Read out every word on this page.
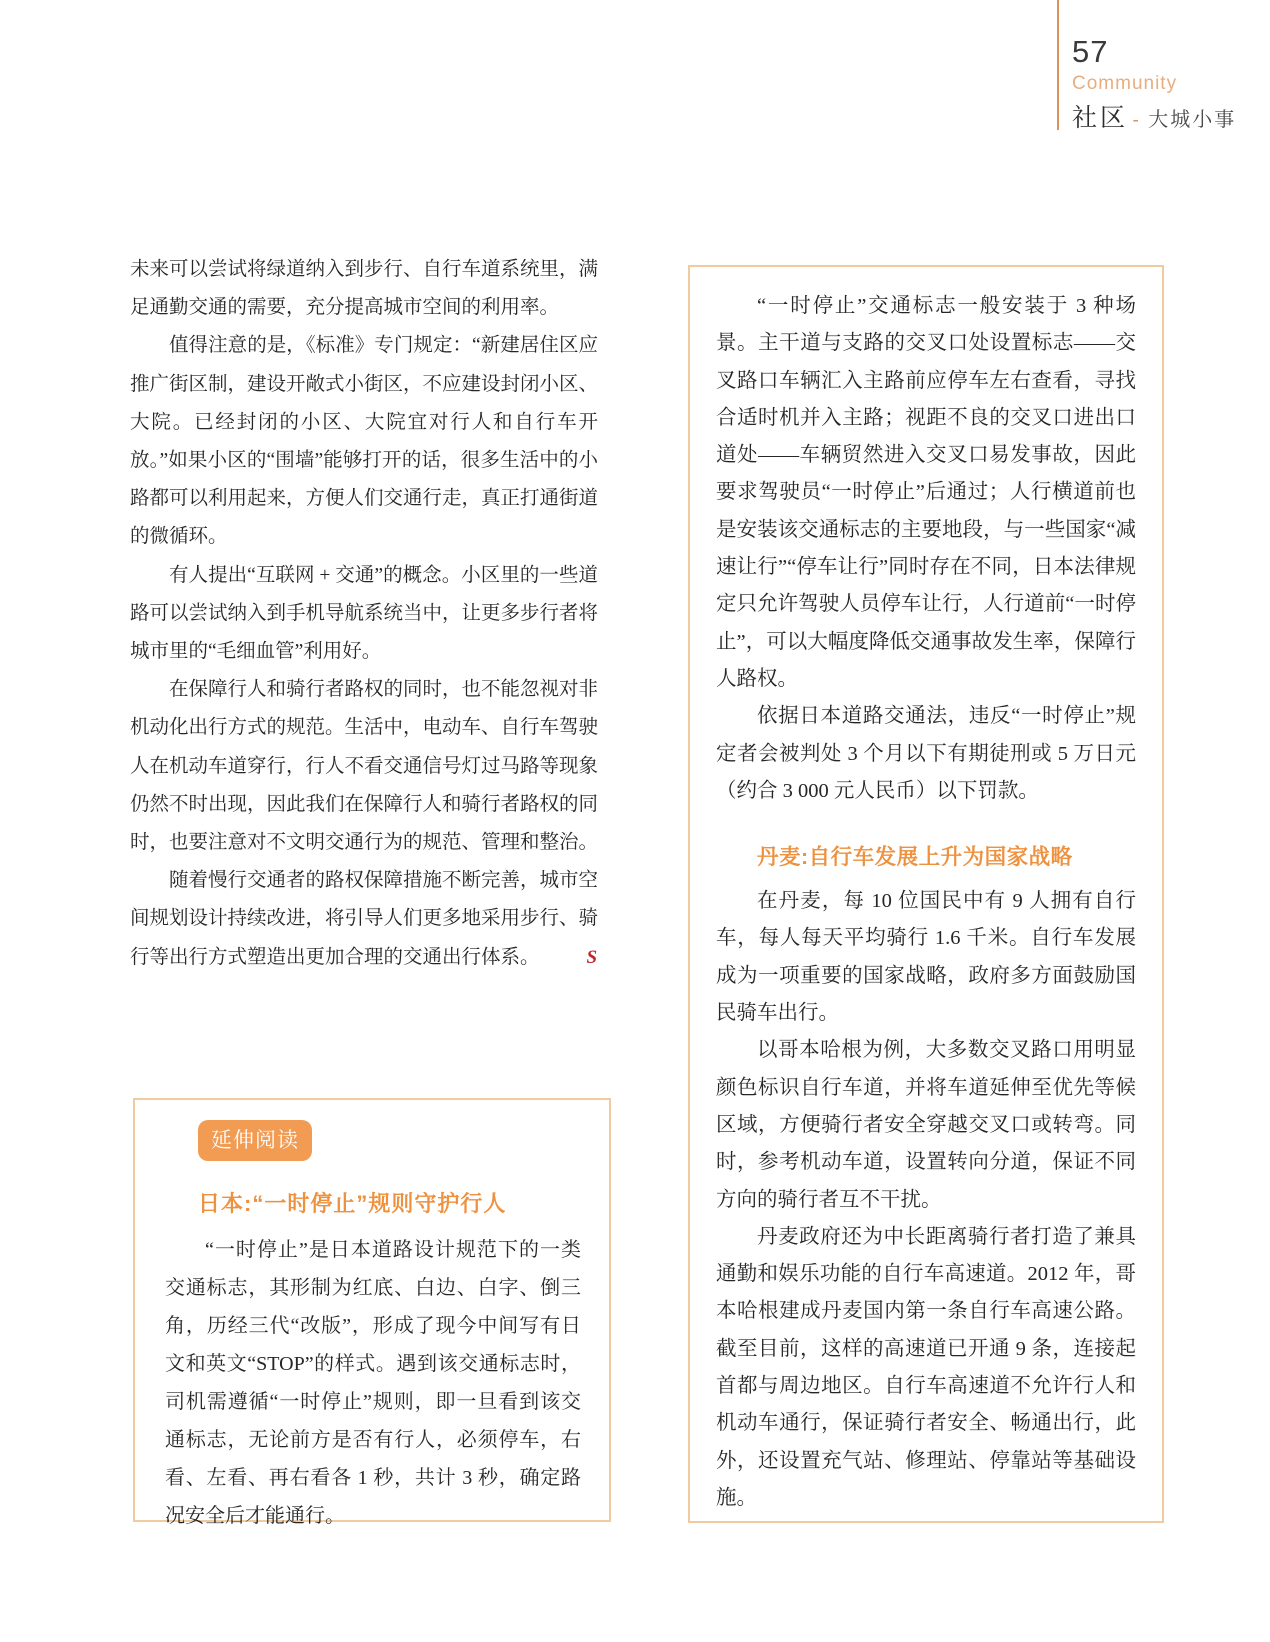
57
Community
社区 - 大城小事

未来可以尝试将绿道纳入到步行、自行车道系统里，满足通勤交通的需要，充分提高城市空间的利用率。

值得注意的是，《标准》专门规定：“新建居住区应推广街区制，建设开敞式小街区，不应建设封闭小区、大院。已经封闭的小区、大院宜对行人和自行车开放。”如果小区的“围墙”能够打开的话，很多生活中的小路都可以利用起来，方便人们交通行走，真正打通街道的微循环。

有人提出“互联网 + 交通”的概念。小区里的一些道路可以尝试纳入到手机导航系统当中，让更多步行者将城市里的“毛细血管”利用好。

在保障行人和骑行者路权的同时，也不能忽视对非机动化出行方式的规范。生活中，电动车、自行车驾驶人在机动车道穿行，行人不看交通信号灯过马路等现象仍然不时出现，因此我们在保障行人和骑行者路权的同时，也要注意对不文明交通行为的规范、管理和整治。

随着慢行交通者的路权保障措施不断完善，城市空间规划设计持续改进，将引导人们更多地采用步行、骑行等出行方式塑造出更加合理的交通出行体系。 S

延伸阅读
日本:“一时停止”规则守护行人

“一时停止”是日本道路设计规范下的一类交通标志，其形制为红底、白边、白字、倒三角，历经三代“改版”，形成了现今中间写有日文和英文“STOP”的样式。遇到该交通标志时，司机需遵循“一时停止”规则，即一旦看到该交通标志，无论前方是否有行人，必须停车，右看、左看、再右看各 1 秒，共计 3 秒，确定路况安全后才能通行。

“一时停止”交通标志一般安装于 3 种场景。主干道与支路的交叉口处设置标志——交叉路口车辆汇入主路前应停车左右查看，寻找合适时机并入主路；视距不良的交叉口进出口道处——车辆贸然进入交叉口易发事故，因此要求驾驶员“一时停止”后通过；人行横道前也是安装该交通标志的主要地段，与一些国家“减速让行”“停车让行”同时存在不同，日本法律规定只允许驾驶人员停车让行，人行道前“一时停止”，可以大幅度降低交通事故发生率，保障行人路权。

依据日本道路交通法，违反“一时停止”规定者会被判处 3 个月以下有期徒刑或 5 万日元（约合 3 000 元人民币）以下罚款。

丹麦:自行车发展上升为国家战略

在丹麦，每 10 位国民中有 9 人拥有自行车，每人每天平均骑行 1.6 千米。自行车发展成为一项重要的国家战略，政府多方面鼓励国民骑车出行。

以哥本哈根为例，大多数交叉路口用明显颜色标识自行车道，并将车道延伸至优先等候区域，方便骑行者安全穿越交叉口或转弯。同时，参考机动车道，设置转向分道，保证不同方向的骑行者互不干扰。

丹麦政府还为中长距离骑行者打造了兼具通勤和娱乐功能的自行车高速道。2012 年，哥本哈根建成丹麦国内第一条自行车高速公路。截至目前，这样的高速道已开通 9 条，连接起首都与周边地区。自行车高速道不允许行人和机动车通行，保证骑行者安全、畅通出行，此外，还设置充气站、修理站、停靠站等基础设施。
